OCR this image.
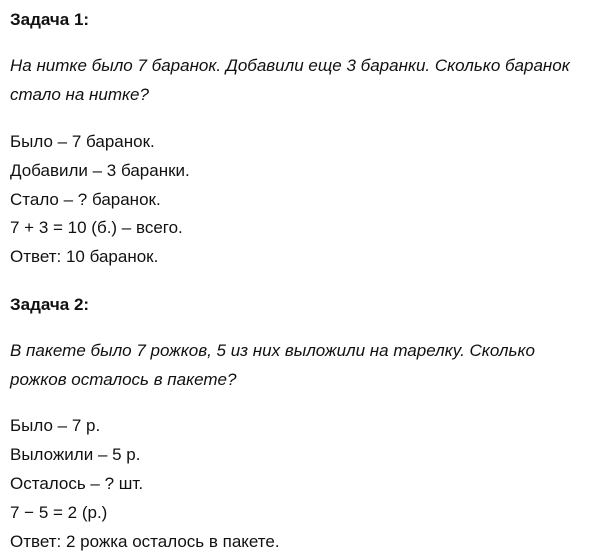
Задача 1:
На нитке было 7 баранок. Добавили еще 3 баранки. Сколько баранок
стало на нитке?
Было – 7 баранок.
Добавили – 3 баранки.
Стало – ? баранок.
7 + 3 = 10 (б.) – всего.
Ответ: 10 баранок.
Задача 2:
В пакете было 7 рожков, 5 из них выложили на тарелку. Сколько
рожков осталось в пакете?
Было – 7 р.
Выложили – 5 р.
Осталось – ? шт.
7 − 5 = 2 (р.)
Ответ: 2 рожка осталось в пакете.
